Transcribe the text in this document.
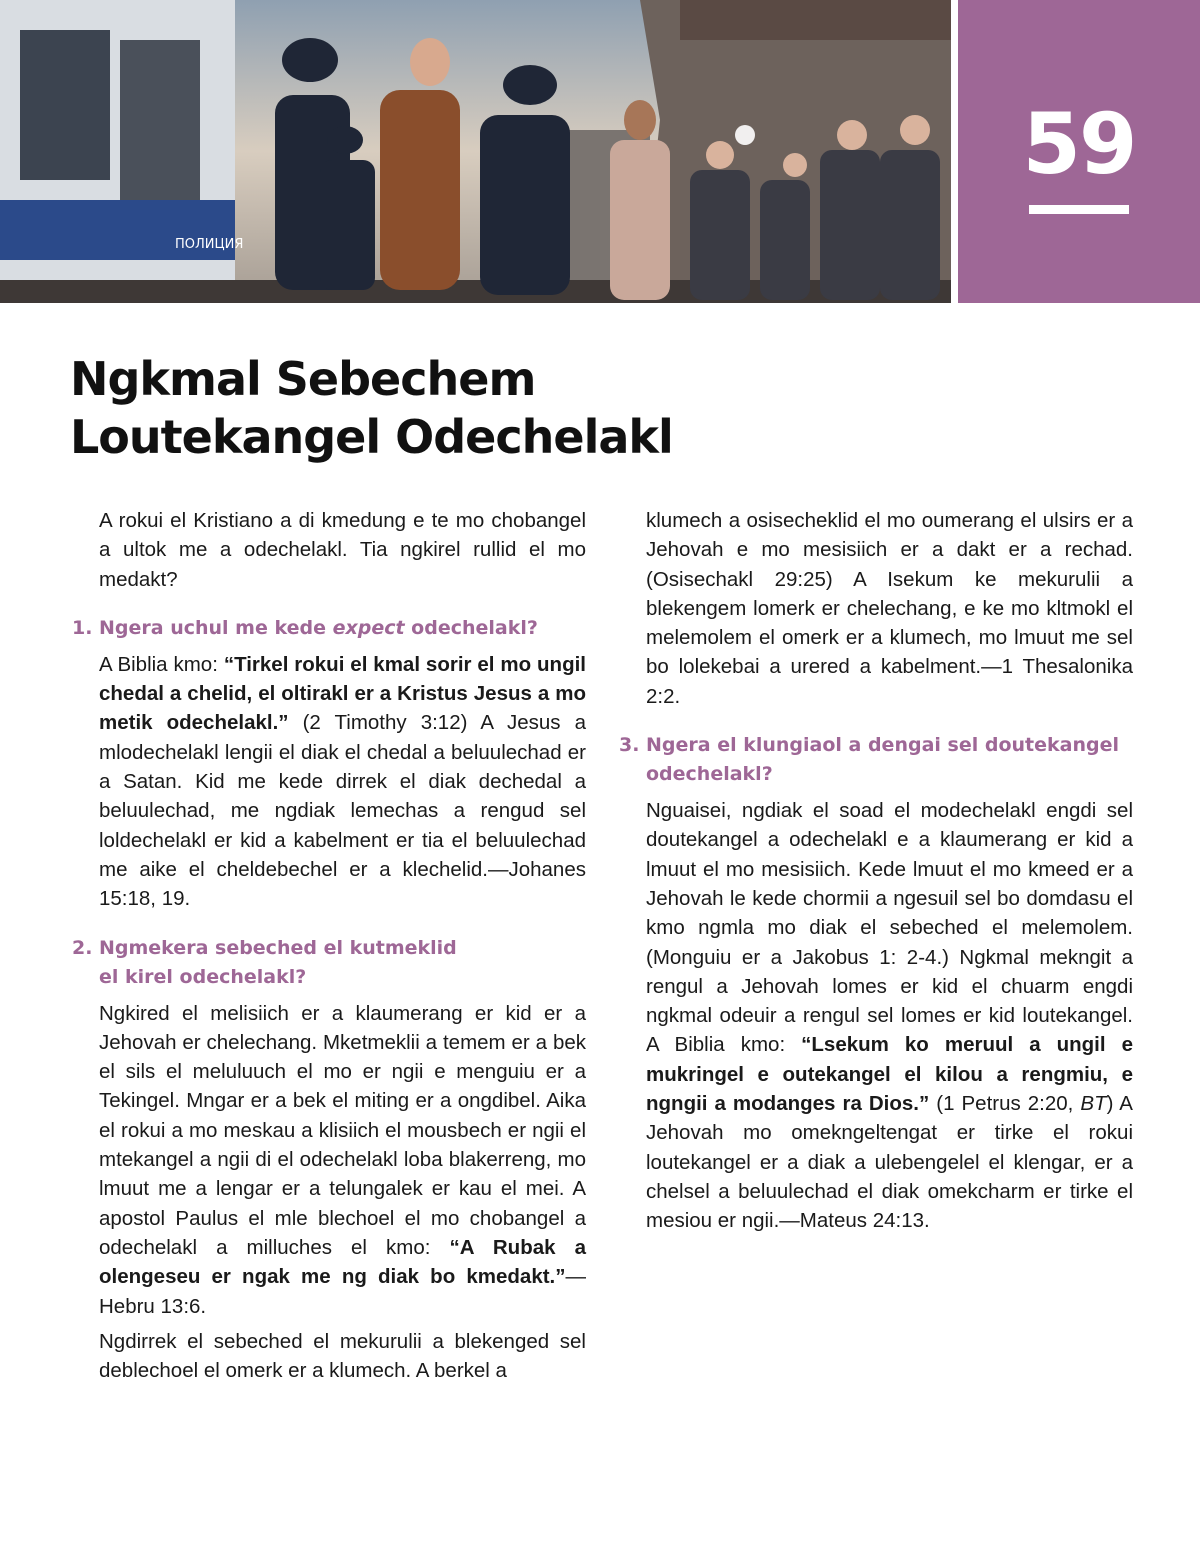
ПОЛИЦИЯ
59
Ngkmal Sebechem
Loutekangel Odechelakl

A rokui el Kristiano a di kmedung e te mo chobangel a ultok me a odechelakl. Tia ngkirel rullid el mo medakt?

1. Ngera uchul me kede expect odechelakl?

A Biblia kmo: “Tirkel rokui el kmal sorir el mo ungil chedal a chelid, el oltirakl er a Kristus Jesus a mo metik odechelakl.” (2 Timothy 3:12) A Jesus a mlodechelakl lengii el diak el chedal a beluulechad er a Satan. Kid me kede dirrek el diak dechedal a beluulechad, me ngdiak lemechas a rengud sel loldechelakl er kid a kabelment er tia el beluulechad me aike el cheldebechel er a klechelid.—Johanes 15:18, 19.

2. Ngmekera sebeched el kutmeklid
el kirel odechelakl?

Ngkired el melisiich er a klaumerang er kid er a Jehovah er chelechang. Mketmeklii a temem er a bek el sils el meluluuch el mo er ngii e menguiu er a Tekingel. Mngar er a bek el miting er a ongdibel. Aika el rokui a mo meskau a klisiich el mousbech er ngii el mtekangel a ngii di el odechelakl loba blakerreng, mo lmuut me a lengar er a telungalek er kau el mei. A apostol Paulus el mle blechoel el mo chobangel a odechelakl a milluches el kmo: “A Rubak a olengeseu er ngak me ng diak bo kmedakt.”—Hebru 13:6.

Ngdirrek el sebeched el mekurulii a blekenged sel deblechoel el omerk er a klumech. A berkel a

klumech a osisecheklid el mo oumerang el ulsirs er a Jehovah e mo mesisiich er a dakt er a rechad. (Osisechakl 29:25) A Isekum ke mekurulii a blekengem lomerk er chelechang, e ke mo kltmokl el melemolem el omerk er a klumech, mo lmuut me sel bo lolekebai a urered a kabelment.—1 Thesalonika 2:2.

3. Ngera el klungiaol a dengai sel doutekangel
odechelakl?

Nguaisei, ngdiak el soad el modechelakl engdi sel doutekangel a odechelakl e a klaumerang er kid a lmuut el mo mesisiich. Kede lmuut el mo kmeed er a Jehovah le kede chormii a ngesuil sel bo domdasu el kmo ngmla mo diak el sebeched el melemolem. (Monguiu er a Jakobus 1: 2-4.) Ngkmal mekngit a rengul a Jehovah lomes er kid el chuarm engdi ngkmal odeuir a rengul sel lomes er kid loutekangel. A Biblia kmo: “Lsekum ko meruul a ungil e mukringel e outekangel el kilou a rengmiu, e ngngii a modanges ra Dios.” (1 Petrus 2:20, BT) A Jehovah mo omekngeltengat er tirke el rokui loutekangel er a diak a ulebengelel el klengar, er a chelsel a beluulechad el diak omekcharm er tirke el mesiou er ngii.—Mateus 24:13.
